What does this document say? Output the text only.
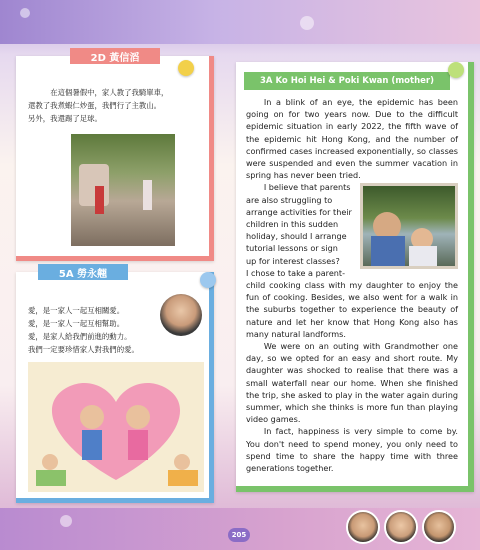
2D 黃信滔
在這個暑假中，家人教了我騎單車，
還教了我煮蝦仁炒蛋，我們行了主教山。
另外，我還踢了足球。
5A 勞永翹
愛，是一家人一起互相關愛。
愛，是一家人一起互相幫助。
愛，是家人給我們前進的動力。
我們一定要珍惜家人對我們的愛。
3A Ko Hoi Hei & Poki Kwan (mother)

In a blink of an eye, the epidemic has been going on for two years now. Due to the difficult epidemic situation in early 2022, the fifth wave of the epidemic hit Hong Kong, and the number of confirmed cases increased exponentially, so classes were suspended and even the summer vacation in spring has never been tried.

I believe that parents
are also struggling to
arrange activities for their
children in this sudden
holiday, should I arrange
tutorial lessons or sign
up for interest classes?
I chose to take a parent-

child cooking class with my daughter to enjoy the fun of cooking. Besides, we also went for a walk in the suburbs together to experience the beauty of nature and let her know that Hong Kong also has many natural landforms.

We were on an outing with Grandmother one day, so we opted for an easy and short route. My daughter was shocked to realise that there was a small waterfall near our home. When she finished the trip, she asked to play in the water again during summer, which she thinks is more fun than playing video games.

In fact, happiness is very simple to come by. You don't need to spend money, you only need to spend time to share the happy time with three generations together.

205
